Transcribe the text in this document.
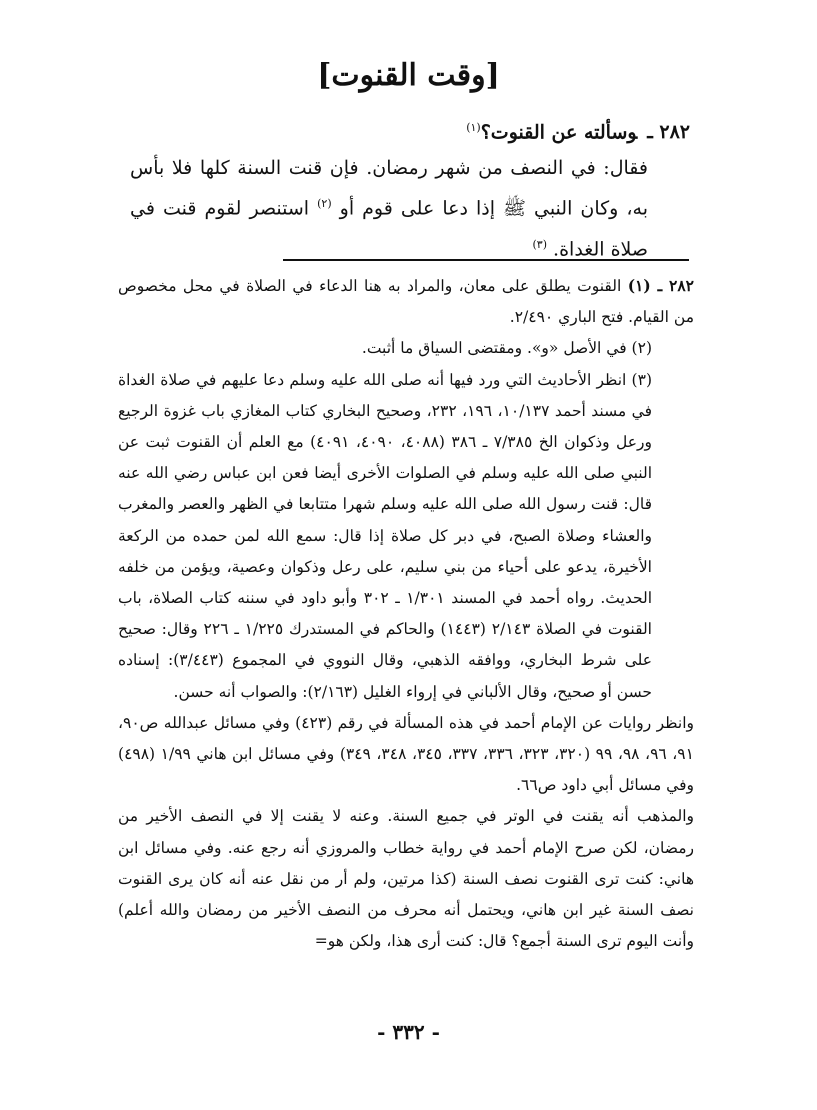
[وقت القنوت]

٢٨٢ ـوسألته عن القنوت؟$^{(١)}$

فقال: في النصف من شهر رمضان. فإن قنت السنة كلها فلا بأس به، وكان النبي ﷺ إذا دعا على قوم أو $^{(٢)}$ استنصر لقوم قنت في صلاة الغداة. $^{(٣)}$

٢٨٢ ـ (١) القنوت يطلق على معان، والمراد به هنا الدعاء في الصلاة في محل مخصوص من القيام. فتح الباري ٢/٤٩٠.

(٢) في الأصل «و». ومقتضى السياق ما أثبت.

(٣) انظر الأحاديث التي ورد فيها أنه صلى الله عليه وسلم دعا عليهم في صلاة الغداة في مسند أحمد ١٠/١٣٧، ١٩٦، ٢٣٢، وصحيح البخاري كتاب المغازي باب غزوة الرجيع ورعل وذكوان الخ ٧/٣٨٥ ـ ٣٨٦ (٤٠٨٨، ٤٠٩٠، ٤٠٩١) مع العلم أن القنوت ثبت عن النبي صلى الله عليه وسلم في الصلوات الأخرى أيضا فعن ابن عباس رضي الله عنه قال: قنت رسول الله صلى الله عليه وسلم شهرا متتابعا في الظهر والعصر والمغرب والعشاء وصلاة الصبح، في دبر كل صلاة إذا قال: سمع الله لمن حمده من الركعة الأخيرة، يدعو على أحياء من بني سليم، على رعل وذكوان وعصية، ويؤمن من خلفه الحديث. رواه أحمد في المسند ١/٣٠١ ـ ٣٠٢ وأبو داود في سننه كتاب الصلاة، باب القنوت في الصلاة ٢/١٤٣ (١٤٤٣) والحاكم في المستدرك ١/٢٢٥ ـ ٢٢٦ وقال: صحيح على شرط البخاري، ووافقه الذهبي، وقال النووي في المجموع (٣/٤٤٣): إسناده حسن أو صحيح، وقال الألباني في إرواء الغليل (٢/١٦٣): والصواب أنه حسن.

وانظر روايات عن الإمام أحمد في هذه المسألة في رقم (٤٢٣) وفي مسائل عبدالله ص٩٠، ٩١، ٩٦، ٩٨، ٩٩ (٣٢٠، ٣٢٣، ٣٣٦، ٣٣٧، ٣٤٥، ٣٤٨، ٣٤٩) وفي مسائل ابن هاني ١/٩٩ (٤٩٨) وفي مسائل أبي داود ص٦٦.

والمذهب أنه يقنت في الوتر في جميع السنة. وعنه لا يقنت إلا في النصف الأخير من رمضان، لكن صرح الإمام أحمد في رواية خطاب والمروزي أنه رجع عنه. وفي مسائل ابن هاني: كنت ترى القنوت نصف السنة (كذا مرتين، ولم أر من نقل عنه أنه كان يرى القنوت نصف السنة غير ابن هاني، ويحتمل أنه محرف من النصف الأخير من رمضان والله أعلم) وأنت اليوم ترى السنة أجمع؟ قال: كنت أرى هذا، ولكن هو=

- ٣٣٢ -
